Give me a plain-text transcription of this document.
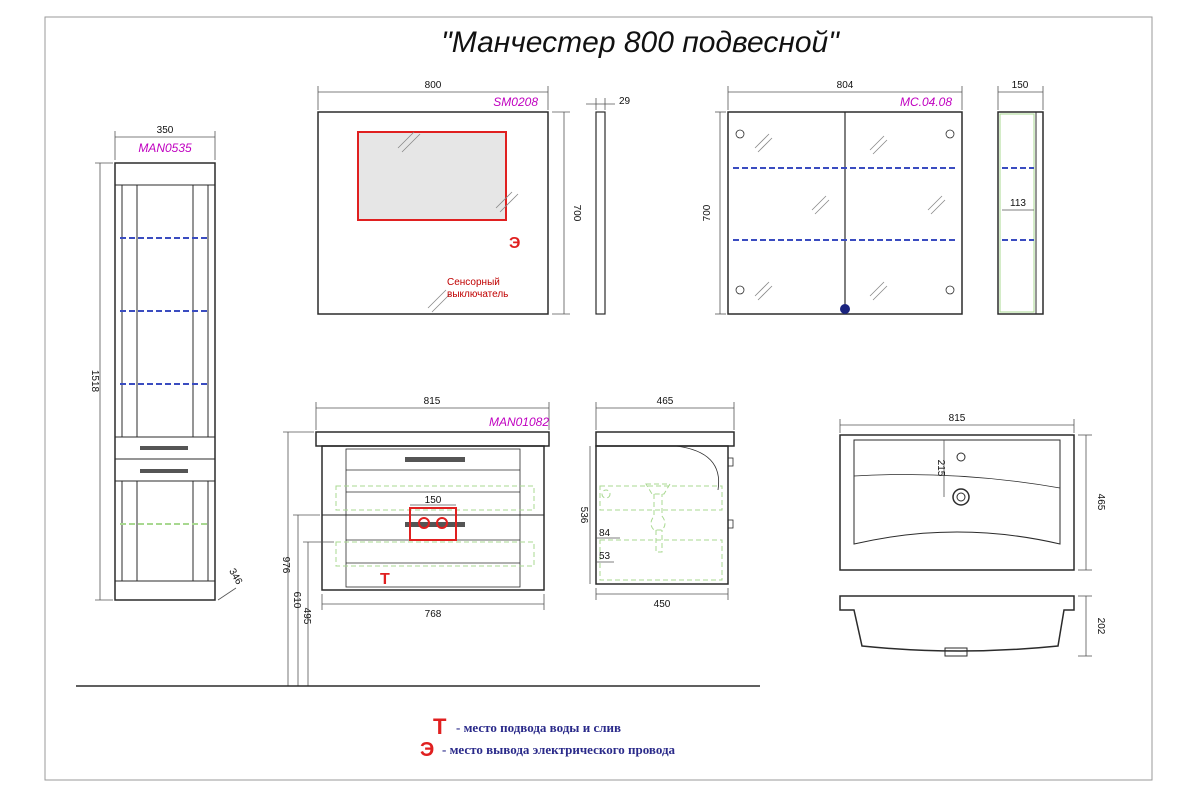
"Манчестер 800 подвесной"
350
MAN0535
1518
346
Э
Сенсорный
выключатель
800
SM0208
700
29
804
MC.04.08
700
150
113
Т
815
MAN01082
150
768
976
610
495
465
450
536
84
53
815
465
215
202
Т - место подвода воды и слив
Э - место вывода электрического провода
